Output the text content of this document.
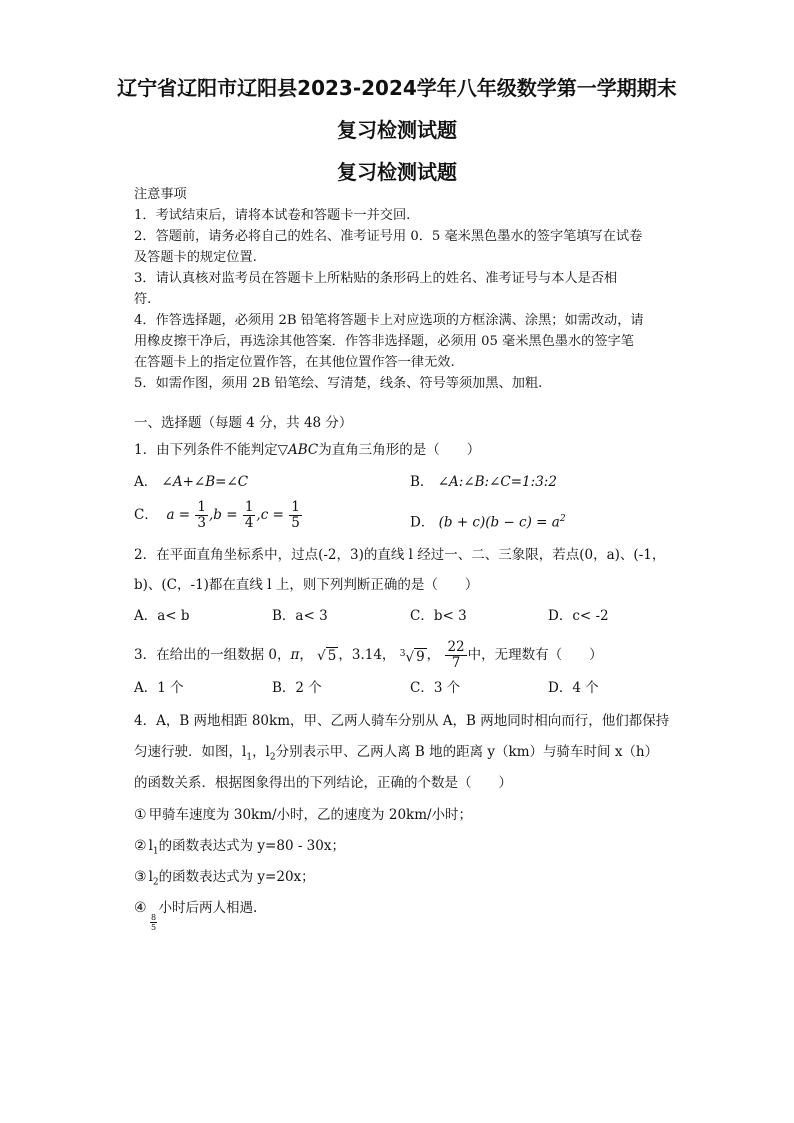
辽宁省辽阳市辽阳县2023-2024学年八年级数学第一学期期末
复习检测试题
复习检测试题
注意事项
1．考试结束后，请将本试卷和答题卡一并交回.
2．答题前，请务必将自己的姓名、准考证号用 0．5 毫米黑色墨水的签字笔填写在试卷
及答题卡的规定位置.
3．请认真核对监考员在答题卡上所粘贴的条形码上的姓名、准考证号与本人是否相
符.
4．作答选择题，必须用 2B 铅笔将答题卡上对应选项的方框涂满、涂黑；如需改动，请
用橡皮擦干净后，再选涂其他答案．作答非选择题，必须用 05 毫米黑色墨水的签字笔
在答题卡上的指定位置作答，在其他位置作答一律无效.
5．如需作图，须用 2B 铅笔绘、写清楚，线条、符号等须加黑、加粗.
一、选择题（每题 4 分，共 48 分）
1．由下列条件不能判定▽ABC为直角三角形的是（　　）
A． ∠A+∠B=∠C	B． ∠A:∠B:∠C=1:3:2
C． $a = \frac{1}{3} ,b = \frac{1}{4} ,c = \frac{1}{5}$	D． $(b + c)(b - c) = a^2$
2．在平面直角坐标系中，过点(-2，3)的直线 l 经过一、二、三象限，若点(0，a)、(-1，
b)、(C，-1)都在直线 l 上，则下列判断正确的是（　　）
A．a< b	B．a< 3	C．b< 3	D．c< -2
3．在给出的一组数据 0，π， √ 5 ，3.14， $^3$√ 9 ， $\frac{22}{7}$ 中，无理数有（　　）
A．1 个	B．2 个	C．3 个	D．4 个
4．A，B 两地相距 80km，甲、乙两人骑车分别从 A，B 两地同时相向而行，他们都保持
匀速行驶．如图，$l_1$，$l_2$分别表示甲、乙两人离 B 地的距离 y（km）与骑车时间 x（h）
的函数关系．根据图象得出的下列结论，正确的个数是（　　）
① 甲骑车速度为 30km/小时，乙的速度为 20km/小时；
② $l_1$的函数表达式为 y=80 - 30x；
③ $l_2$的函数表达式为 y=20x；
④ 小时后两人相遇.
$\frac{8}{5}$
